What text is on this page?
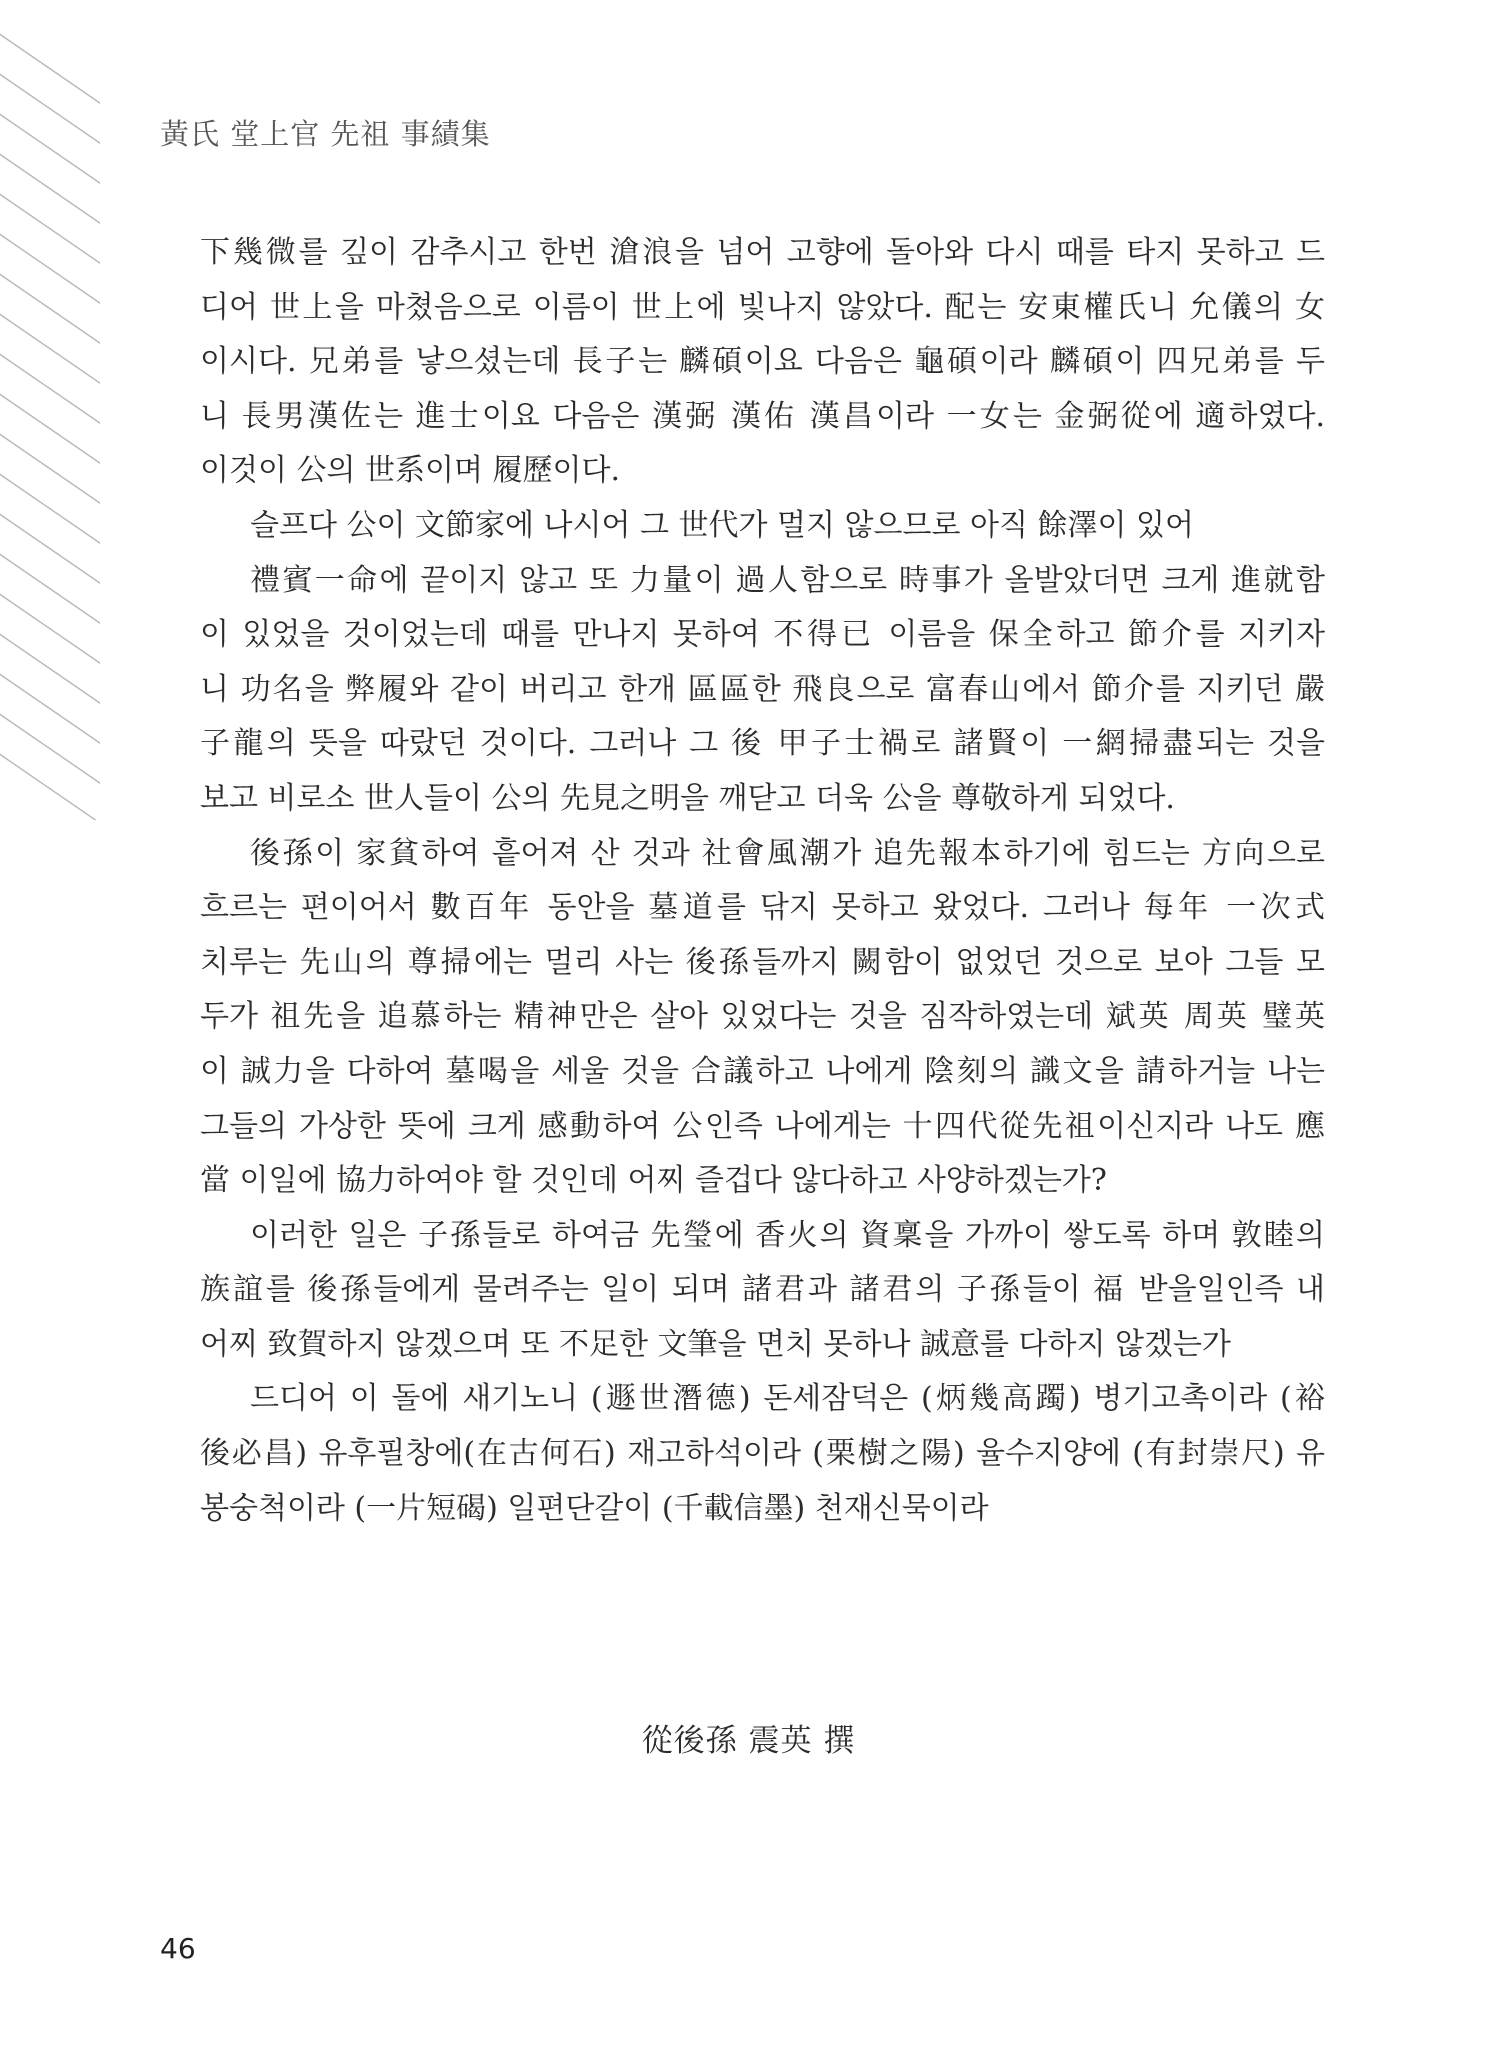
黃氏 堂上官 先祖 事績集
下幾微를 깊이 감추시고 한번 滄浪을 넘어 고향에 돌아와 다시 때를 타지 못하고 드
디어 世上을 마쳤음으로 이름이 世上에 빛나지 않았다. 配는 安東權氏니 允儀의 女
이시다. 兄弟를 낳으셨는데 長子는 麟碩이요 다음은 龜碩이라 麟碩이 四兄弟를 두
니 長男漢佐는 進士이요 다음은 漢弼 漢佑 漢昌이라 一女는 金弼從에 適하였다.
이것이 公의 世系이며 履歷이다.
슬프다 公이 文節家에 나시어 그 世代가 멀지 않으므로 아직 餘澤이 있어
禮賓一命에 끝이지 않고 또 力量이 過人함으로 時事가 올발았더면 크게 進就함
이 있었을 것이었는데 때를 만나지 못하여 不得已 이름을 保全하고 節介를 지키자
니 功名을 弊履와 같이 버리고 한개 區區한 飛良으로 富春山에서 節介를 지키던 嚴
子龍의 뜻을 따랐던 것이다. 그러나 그 後 甲子士禍로 諸賢이 一網掃盡되는 것을
보고 비로소 世人들이 公의 先見之明을 깨닫고 더욱 公을 尊敬하게 되었다.
後孫이 家貧하여 흩어져 산 것과 社會風潮가 追先報本하기에 힘드는 方向으로
흐르는 편이어서 數百年 동안을 墓道를 닦지 못하고 왔었다. 그러나 每年 一次式
치루는 先山의 尊掃에는 멀리 사는 後孫들까지 闕함이 없었던 것으로 보아 그들 모
두가 祖先을 追慕하는 精神만은 살아 있었다는 것을 짐작하였는데 斌英 周英 璧英
이 誠力을 다하여 墓喝을 세울 것을 合議하고 나에게 陰刻의 識文을 請하거늘 나는
그들의 가상한 뜻에 크게 感動하여 公인즉 나에게는 十四代從先祖이신지라 나도 應
當 이일에 協力하여야 할 것인데 어찌 즐겁다 않다하고 사양하겠는가?
이러한 일은 子孫들로 하여금 先瑩에 香火의 資稟을 가까이 쌓도록 하며 敦睦의
族誼를 後孫들에게 물려주는 일이 되며 諸君과 諸君의 子孫들이 福 받을일인즉 내
어찌 致賀하지 않겠으며 또 不足한 文筆을 면치 못하나 誠意를 다하지 않겠는가
드디어 이 돌에 새기노니 (遯世潛德) 돈세잠덕은 (炳幾高躅) 병기고촉이라 (裕
後必昌) 유후필창에(在古何石) 재고하석이라 (栗樹之陽) 율수지양에 (有封崇尺) 유
봉숭척이라 (一片短碣) 일편단갈이 (千載信墨) 천재신묵이라
從後孫 震英 撰
46
